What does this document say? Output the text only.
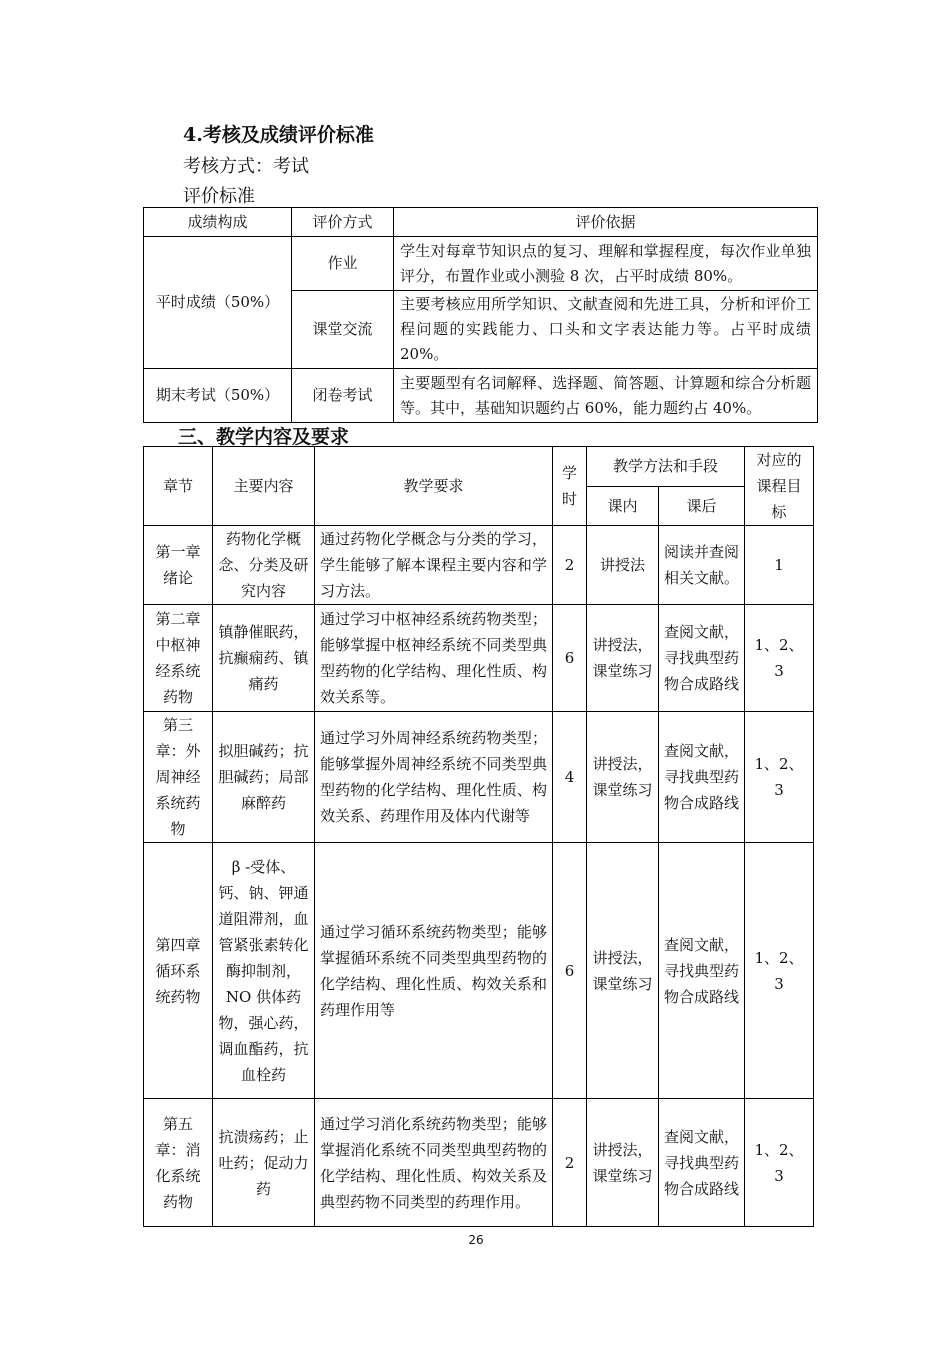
4.考核及成绩评价标准

考核方式：考试

评价标准

成绩构成	评价方式	评价依据
平时成绩（50%）	作业	学生对每章节知识点的复习、理解和掌握程度，每次作业单独评分，布置作业或小测验 8 次，占平时成绩 80%。
	课堂交流	主要考核应用所学知识、文献查阅和先进工具，分析和评价工程问题的实践能力、口头和文字表达能力等。占平时成绩 20%。
期末考试（50%）	闭卷考试	主要题型有名词解释、选择题、简答题、计算题和综合分析题等。其中，基础知识题约占 60%，能力题约占 40%。
三、教学内容及要求
章节	主要内容	教学要求	学时	教学方法和手段		对应的课程目标
				课内	课后	
第一章绪论	药物化学概念、分类及研究内容	通过药物化学概念与分类的学习，学生能够了解本课程主要内容和学习方法。	2	讲授法	阅读并查阅相关文献。	1
第二章中枢神经系统药物	镇静催眠药，抗癫痫药、镇痛药	通过学习中枢神经系统药物类型；能够掌握中枢神经系统不同类型典型药物的化学结构、理化性质、构效关系等。	6	讲授法，课堂练习	查阅文献，寻找典型药物合成路线	1、2、3
第三章：外周神经系统药物	拟胆碱药；抗胆碱药；局部麻醉药	通过学习外周神经系统药物类型；能够掌握外周神经系统不同类型典型药物的化学结构、理化性质、构效关系、药理作用及体内代谢等	4	讲授法，课堂练习	查阅文献，寻找典型药物合成路线	1、2、3
第四章循环系统药物	β -受体、钙、钠、钾通道阻滞剂，血管紧张素转化酶抑制剂，NO 供体药物，强心药，调血酯药，抗血栓药	通过学习循环系统药物类型；能够掌握循环系统不同类型典型药物的化学结构、理化性质、构效关系和药理作用等	6	讲授法，课堂练习	查阅文献，寻找典型药物合成路线	1、2、3
第五章：消化系统药物	抗溃疡药；止吐药；促动力药	通过学习消化系统药物类型；能够掌握消化系统不同类型典型药物的化学结构、理化性质、构效关系及典型药物不同类型的药理作用。	2	讲授法，课堂练习	查阅文献，寻找典型药物合成路线	1、2、3
26
